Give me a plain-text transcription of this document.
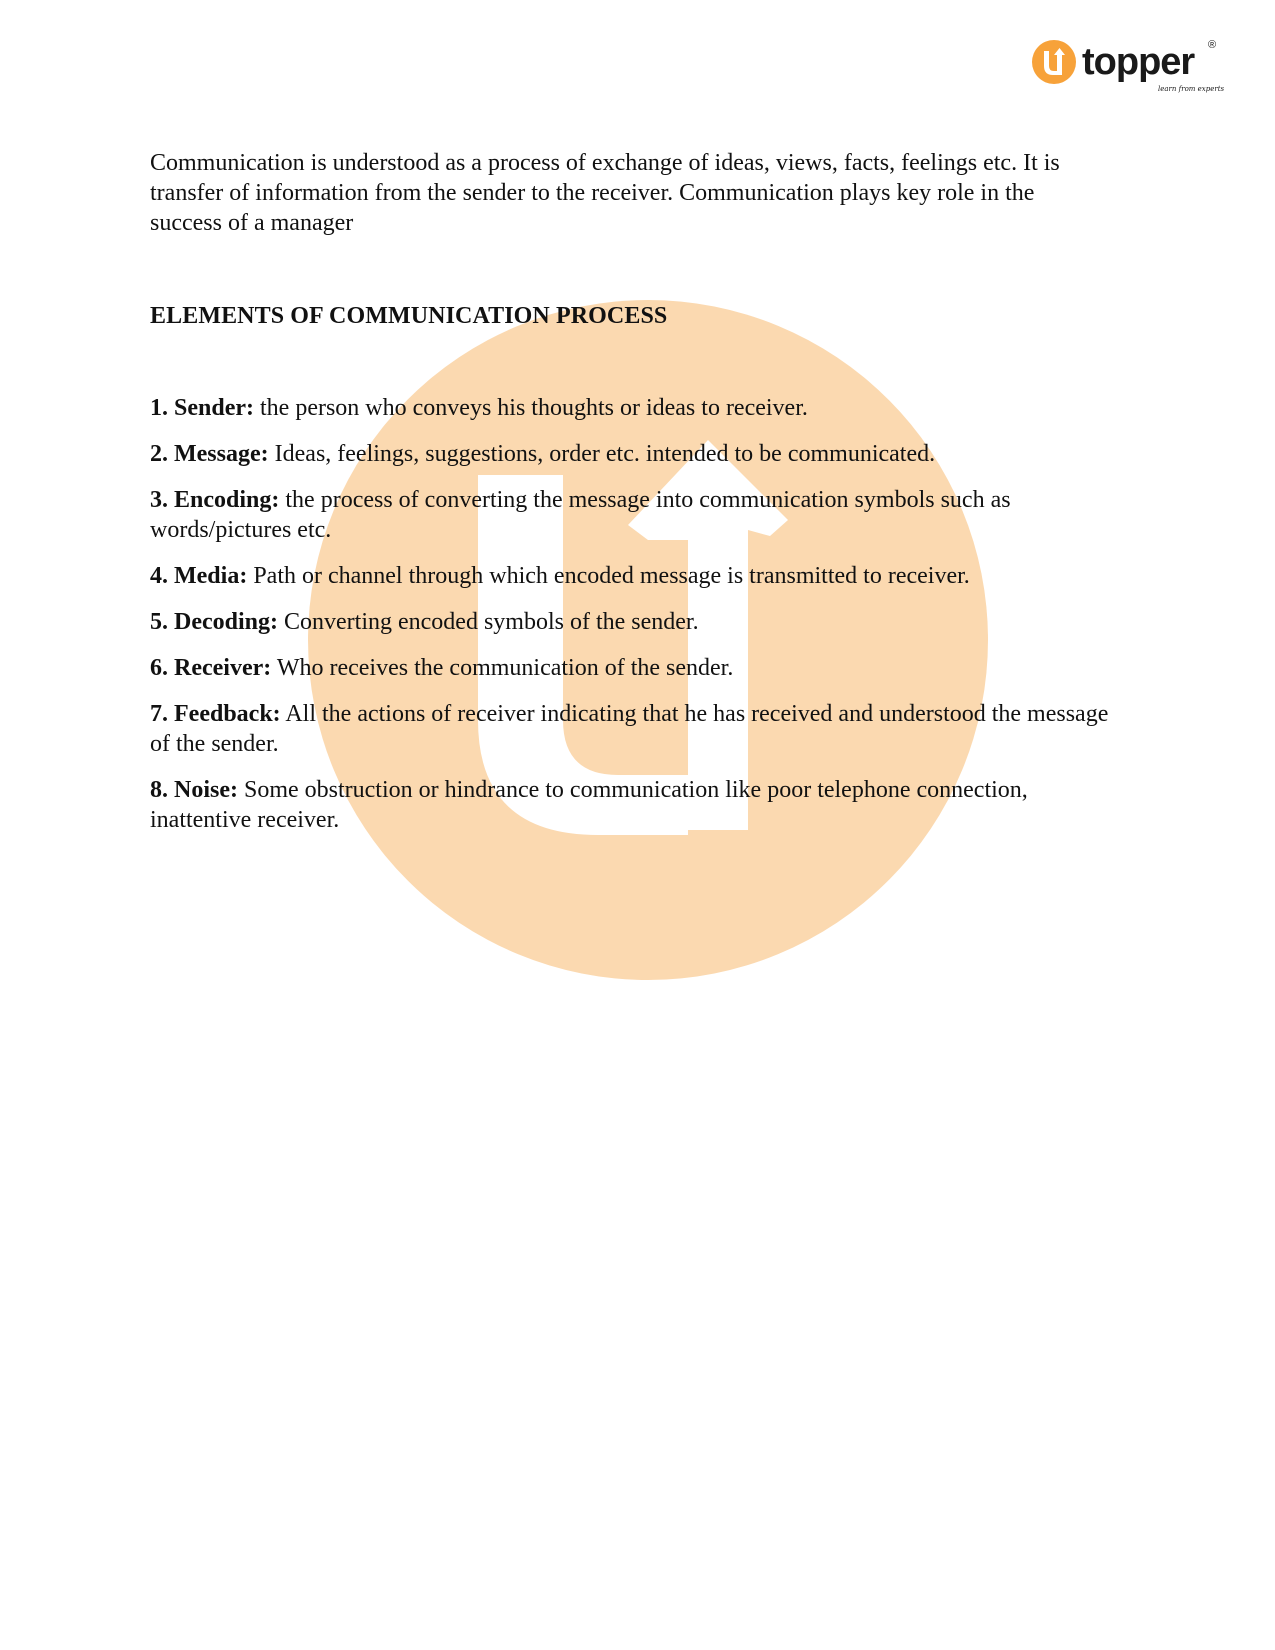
topper ®
learn from experts

Communication is understood as a process of exchange of ideas, views, facts, feelings etc. It is transfer of information from the sender to the receiver. Communication plays key role in the success of a manager

ELEMENTS OF COMMUNICATION PROCESS
1. Sender: the person who conveys his thoughts or ideas to receiver.
2. Message: Ideas, feelings, suggestions, order etc. intended to be communicated.
3. Encoding: the process of converting the message into communication symbols such as words/pictures etc.
4. Media: Path or channel through which encoded message is transmitted to receiver.
5. Decoding: Converting encoded symbols of the sender.
6. Receiver: Who receives the communication of the sender.
7. Feedback: All the actions of receiver indicating that he has received and understood the message of the sender.
8. Noise: Some obstruction or hindrance to communication like poor telephone connection, inattentive receiver.
